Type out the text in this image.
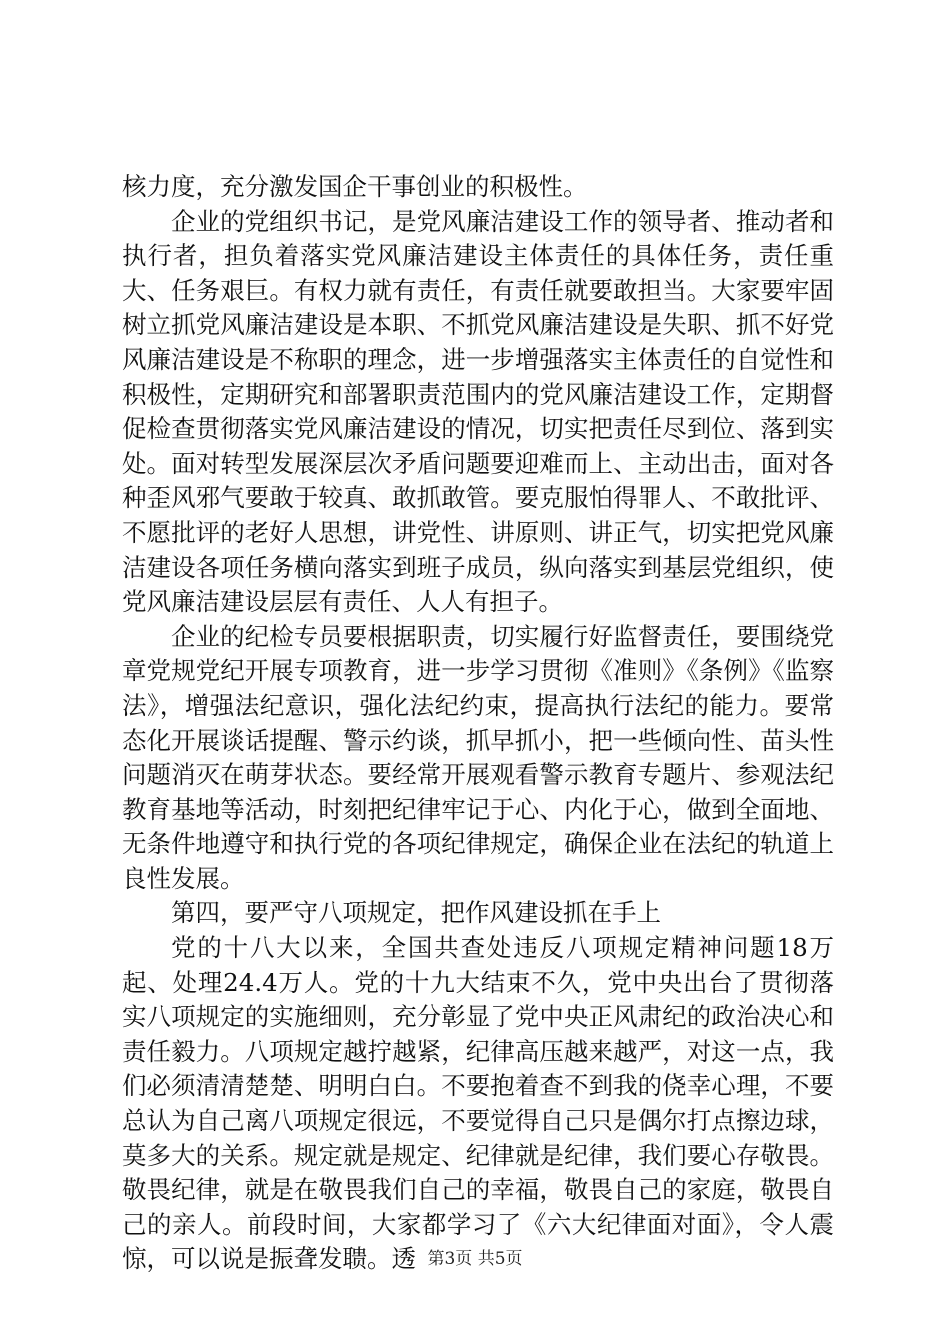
核力度，充分激发国企干事创业的积极性。

企业的党组织书记，是党风廉洁建设工作的领导者、推动者和执行者，担负着落实党风廉洁建设主体责任的具体任务，责任重大、任务艰巨。有权力就有责任，有责任就要敢担当。大家要牢固树立抓党风廉洁建设是本职、不抓党风廉洁建设是失职、抓不好党风廉洁建设是不称职的理念，进一步增强落实主体责任的自觉性和积极性，定期研究和部署职责范围内的党风廉洁建设工作，定期督促检查贯彻落实党风廉洁建设的情况，切实把责任尽到位、落到实处。面对转型发展深层次矛盾问题要迎难而上、主动出击，面对各种歪风邪气要敢于较真、敢抓敢管。要克服怕得罪人、不敢批评、不愿批评的老好人思想，讲党性、讲原则、讲正气，切实把党风廉洁建设各项任务横向落实到班子成员，纵向落实到基层党组织，使党风廉洁建设层层有责任、人人有担子。

企业的纪检专员要根据职责，切实履行好监督责任，要围绕党章党规党纪开展专项教育，进一步学习贯彻《准则》《条例》《监察法》，增强法纪意识，强化法纪约束，提高执行法纪的能力。要常态化开展谈话提醒、警示约谈，抓早抓小，把一些倾向性、苗头性问题消灭在萌芽状态。要经常开展观看警示教育专题片、参观法纪教育基地等活动，时刻把纪律牢记于心、内化于心，做到全面地、无条件地遵守和执行党的各项纪律规定，确保企业在法纪的轨道上良性发展。

第四，要严守八项规定，把作风建设抓在手上

党的十八大以来，全国共查处违反八项规定精神问题18万起、处理24.4万人。党的十九大结束不久，党中央出台了贯彻落实八项规定的实施细则，充分彰显了党中央正风肃纪的政治决心和责任毅力。八项规定越拧越紧，纪律高压越来越严，对这一点，我们必须清清楚楚、明明白白。不要抱着查不到我的侥幸心理，不要总认为自己离八项规定很远，不要觉得自己只是偶尔打点擦边球，莫多大的关系。规定就是规定、纪律就是纪律，我们要心存敬畏。敬畏纪律，就是在敬畏我们自己的幸福，敬畏自己的家庭，敬畏自己的亲人。前段时间，大家都学习了《六大纪律面对面》，令人震惊，可以说是振聋发聩。透 第3页 共5页
